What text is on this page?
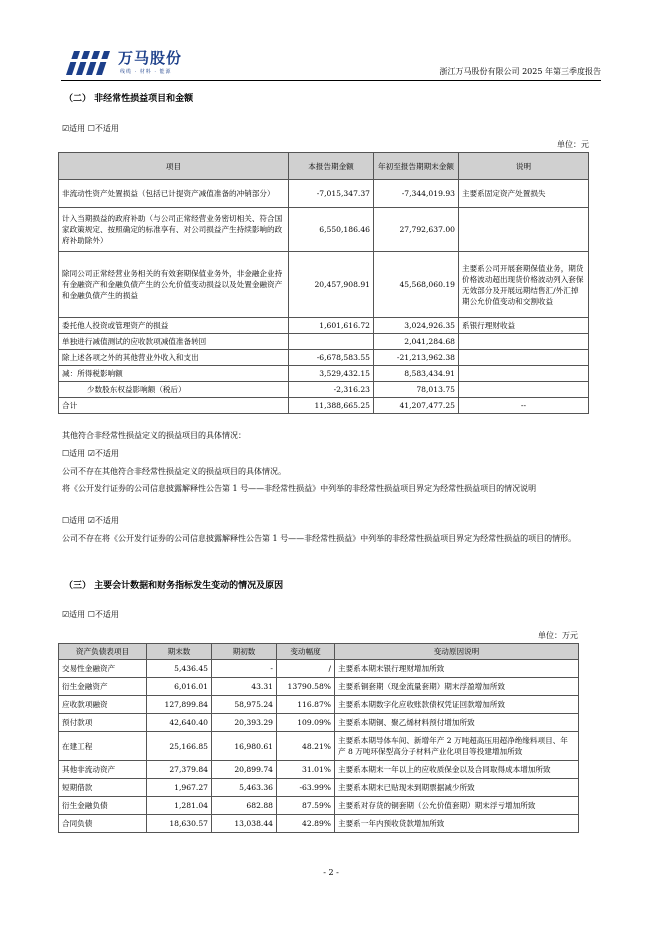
万马股份
线缆 · 材料 · 能源	浙江万马股份有限公司 2025 年第三季度报告
（二） 非经常性损益项目和金额
☑适用 ☐不适用
单位：元
项目	本报告期金额	年初至报告期期末金额	说明
非流动性资产处置损益（包括已计提资产减值准备的冲销部分）	-7,015,347.37	-7,344,019.93	主要系固定资产处置损失
计入当期损益的政府补助（与公司正常经营业务密切相关、符合国家政策规定、按照确定的标准享有、对公司损益产生持续影响的政府补助除外）	6,550,186.46	27,792,637.00	
除同公司正常经营业务相关的有效套期保值业务外，非金融企业持有金融资产和金融负债产生的公允价值变动损益以及处置金融资产和金融负债产生的损益	20,457,908.91	45,568,060.19	主要系公司开展套期保值业务，期货价格波动超出现货价格波动列入套保无效部分及开展远期结售汇/外汇掉期公允价值变动和交割收益
委托他人投资或管理资产的损益	1,601,616.72	3,024,926.35	系银行理财收益
单独进行减值测试的应收款项减值准备转回		2,041,284.68	
除上述各项之外的其他营业外收入和支出	-6,678,583.55	-21,213,962.38	
减：所得税影响额	3,529,432.15	8,583,434.91	
少数股东权益影响额（税后）	-2,316.23	78,013.75	
合计	11,388,665.25	41,207,477.25	--
其他符合非经常性损益定义的损益项目的具体情况：
☐适用 ☑不适用
公司不存在其他符合非经常性损益定义的损益项目的具体情况。
将《公开发行证券的公司信息披露解释性公告第 1 号——非经常性损益》中列举的非经常性损益项目界定为经常性损益项目的情况说明
☐适用 ☑不适用
公司不存在将《公开发行证券的公司信息披露解释性公告第 1 号——非经常性损益》中列举的非经常性损益项目界定为经常性损益的项目的情形。
（三） 主要会计数据和财务指标发生变动的情况及原因
☑适用 ☐不适用
单位：万元
资产负债表项目	期末数	期初数	变动幅度	变动原因说明
交易性金融资产	5,436.45	-	/	主要系本期末银行理财增加所致
衍生金融资产	6,016.01	43.31	13790.58%	主要系铜套期（现金流量套期）期末浮盈增加所致
应收款项融资	127,899.84	58,975.24	116.87%	主要系本期数字化应收账款债权凭证回款增加所致
预付款项	42,640.40	20,393.29	109.09%	主要系本期铜、聚乙烯材料预付增加所致
在建工程	25,166.85	16,980.61	48.21%	主要系本期导体车间、新增年产 2 万吨超高压用超净绝缘料项目、年产 8 万吨环保型高分子材料产业化项目等投建增加所致
其他非流动资产	27,379.84	20,899.74	31.01%	主要系本期末一年以上的应收质保金以及合同取得成本增加所致
短期借款	1,967.27	5,463.36	-63.99%	主要系本期末已贴现未到期票据减少所致
衍生金融负债	1,281.04	682.88	87.59%	主要系对存货的铜套期（公允价值套期）期末浮亏增加所致
合同负债	18,630.57	13,038.44	42.89%	主要系一年内预收货款增加所致
- 2 -
